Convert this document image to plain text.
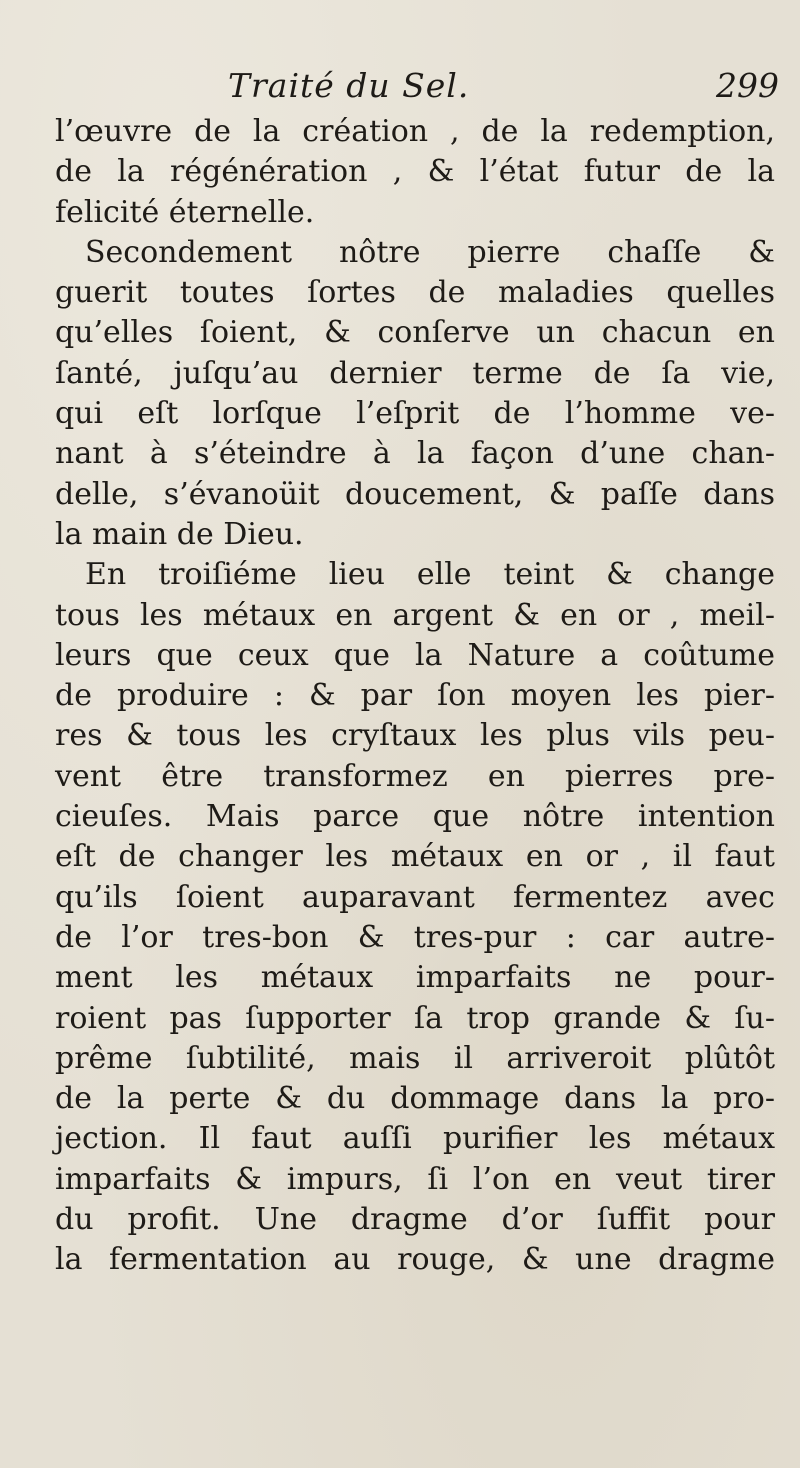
Traité du Sel.	299
l’œuvre de la création , de la redemption,
de la régénération , & l’état futur de la
felicité éternelle.
Secondement nôtre pierre chaſſe &
guerit toutes ſortes de maladies quelles
qu’elles ſoient, & conſerve un chacun en
ſanté, juſqu’au dernier terme de ſa vie,
qui eſt lorſque l’eſprit de l’homme ve-
nant à s’éteindre à la façon d’une chan-
delle, s’évanoüit doucement, & paſſe dans
la main de Dieu.
En troiſiéme lieu elle teint & change
tous les métaux en argent & en or , meil-
leurs que ceux que la Nature a coûtume
de produire : & par ſon moyen les pier-
res & tous les cryſtaux les plus vils peu-
vent être transformez en pierres pre-
cieuſes. Mais parce que nôtre intention
eſt de changer les métaux en or , il faut
qu’ils ſoient auparavant fermentez avec
de l’or tres-bon & tres-pur : car autre-
ment les métaux imparfaits ne pour-
roient pas ſupporter ſa trop grande & ſu-
prême ſubtilité, mais il arriveroit plûtôt
de la perte & du dommage dans la pro-
jection. Il faut auſſi purifier les métaux
imparfaits & impurs, ſi l’on en veut tirer
du profit. Une dragme d’or ſuffit pour
la fermentation au rouge, & une dragme
